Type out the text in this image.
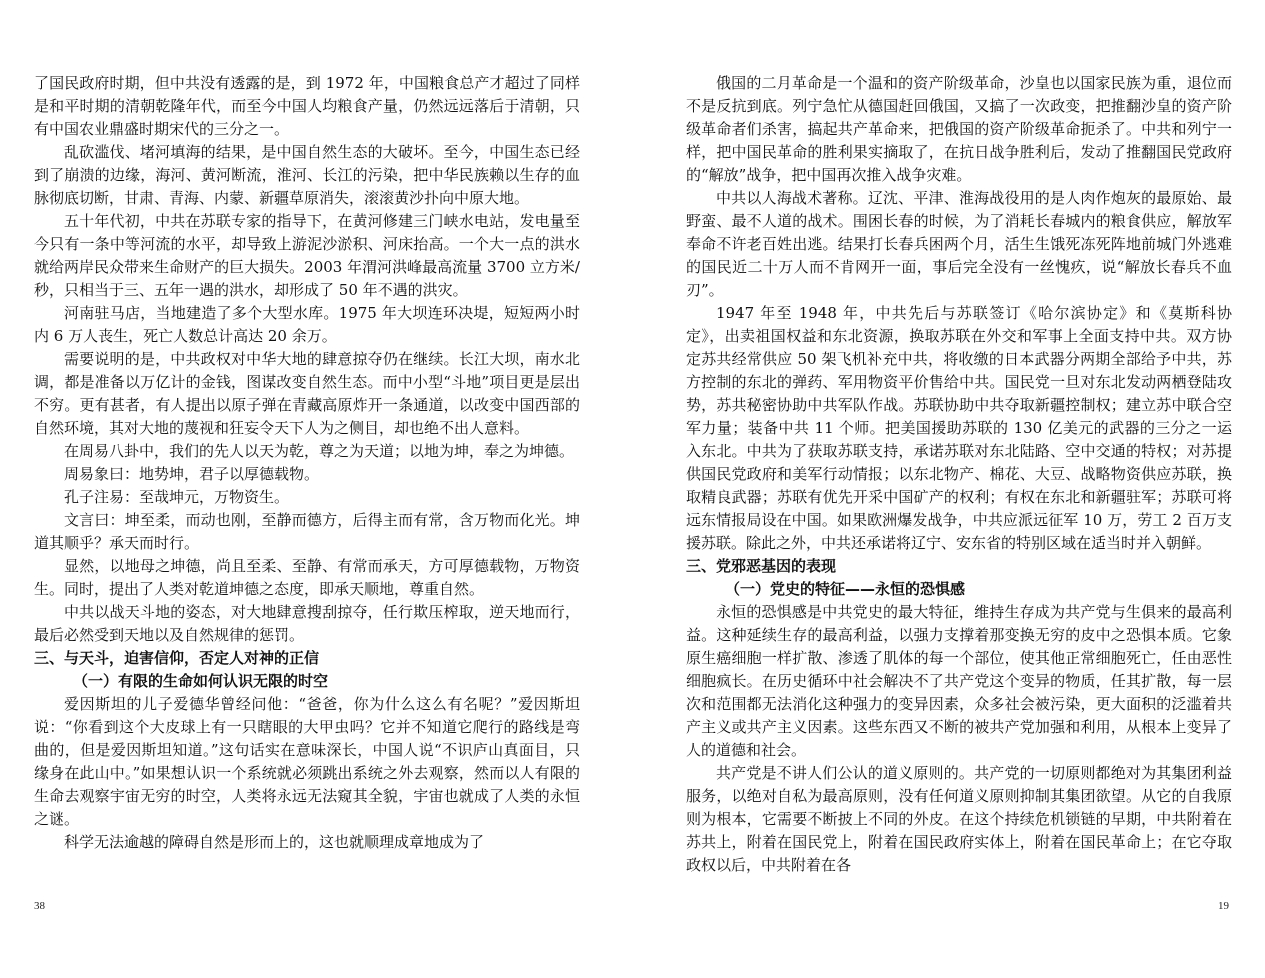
了国民政府时期，但中共没有透露的是，到 1972 年，中国粮食总产才超过了同样是和平时期的清朝乾隆年代，而至今中国人均粮食产量，仍然远远落后于清朝，只有中国农业鼎盛时期宋代的三分之一。

乱砍滥伐、堵河填海的结果，是中国自然生态的大破坏。至今，中国生态已经到了崩溃的边缘，海河、黄河断流，淮河、长江的污染，把中华民族赖以生存的血脉彻底切断，甘肃、青海、内蒙、新疆草原消失，滚滚黄沙扑向中原大地。

五十年代初，中共在苏联专家的指导下，在黄河修建三门峡水电站，发电量至今只有一条中等河流的水平，却导致上游泥沙淤积、河床抬高。一个大一点的洪水就给两岸民众带来生命财产的巨大损失。2003 年渭河洪峰最高流量 3700 立方米/秒，只相当于三、五年一遇的洪水，却形成了 50 年不遇的洪灾。

河南驻马店，当地建造了多个大型水库。1975 年大坝连环决堤，短短两小时内 6 万人丧生，死亡人数总计高达 20 余万。

需要说明的是，中共政权对中华大地的肆意掠夺仍在继续。长江大坝，南水北调，都是准备以万亿计的金钱，图谋改变自然生态。而中小型“斗地”项目更是层出不穷。更有甚者，有人提出以原子弹在青藏高原炸开一条通道，以改变中国西部的自然环境，其对大地的蔑视和狂妄令天下人为之侧目，却也绝不出人意料。

在周易八卦中，我们的先人以天为乾，尊之为天道；以地为坤，奉之为坤德。

周易象曰：地势坤，君子以厚德载物。

孔子注易：至哉坤元，万物资生。

文言曰：坤至柔，而动也刚，至静而德方，后得主而有常，含万物而化光。坤道其顺乎？承天而时行。

显然，以地母之坤德，尚且至柔、至静、有常而承天，方可厚德载物，万物资生。同时，提出了人类对乾道坤德之态度，即承天顺地，尊重自然。

中共以战天斗地的姿态，对大地肆意搜刮掠夺，任行欺压榨取，逆天地而行，最后必然受到天地以及自然规律的惩罚。

三、与天斗，迫害信仰，否定人对神的正信
（一）有限的生命如何认识无限的时空

爱因斯坦的儿子爱德华曾经问他：“爸爸，你为什么这么有名呢？”爱因斯坦说：“你看到这个大皮球上有一只瞎眼的大甲虫吗？它并不知道它爬行的路线是弯曲的，但是爱因斯坦知道。”这句话实在意味深长，中国人说“不识庐山真面目，只缘身在此山中。”如果想认识一个系统就必须跳出系统之外去观察，然而以人有限的生命去观察宇宙无穷的时空，人类将永远无法窥其全貌，宇宙也就成了人类的永恒之谜。

科学无法逾越的障碍自然是形而上的，这也就顺理成章地成为了

俄国的二月革命是一个温和的资产阶级革命，沙皇也以国家民族为重，退位而不是反抗到底。列宁急忙从德国赶回俄国，又搞了一次政变，把推翻沙皇的资产阶级革命者们杀害，搞起共产革命来，把俄国的资产阶级革命扼杀了。中共和列宁一样，把中国民革命的胜利果实摘取了，在抗日战争胜利后，发动了推翻国民党政府的“解放”战争，把中国再次推入战争灾难。

中共以人海战术著称。辽沈、平津、淮海战役用的是人肉作炮灰的最原始、最野蛮、最不人道的战术。围困长春的时候，为了消耗长春城内的粮食供应，解放军奉命不许老百姓出逃。结果打长春兵困两个月，活生生饿死冻死阵地前城门外逃难的国民近二十万人而不肯网开一面，事后完全没有一丝愧疚，说“解放长春兵不血刃”。

1947 年至 1948 年，中共先后与苏联签订《哈尔滨协定》和《莫斯科协定》，出卖祖国权益和东北资源，换取苏联在外交和军事上全面支持中共。双方协定苏共经常供应 50 架飞机补充中共，将收缴的日本武器分两期全部给予中共，苏方控制的东北的弹药、军用物资平价售给中共。国民党一旦对东北发动两栖登陆攻势，苏共秘密协助中共军队作战。苏联协助中共夺取新疆控制权；建立苏中联合空军力量；装备中共 11 个师。把美国援助苏联的 130 亿美元的武器的三分之一运入东北。中共为了获取苏联支持，承诺苏联对东北陆路、空中交通的特权；对苏提供国民党政府和美军行动情报；以东北物产、棉花、大豆、战略物资供应苏联，换取精良武器；苏联有优先开采中国矿产的权利；有权在东北和新疆驻军；苏联可将远东情报局设在中国。如果欧洲爆发战争，中共应派远征军 10 万，劳工 2 百万支援苏联。除此之外，中共还承诺将辽宁、安东省的特别区域在适当时并入朝鲜。

三、党邪恶基因的表现
（一）党史的特征——永恒的恐惧感

永恒的恐惧感是中共党史的最大特征，维持生存成为共产党与生俱来的最高利益。这种延续生存的最高利益，以强力支撑着那变换无穷的皮中之恐惧本质。它象原生癌细胞一样扩散、渗透了肌体的每一个部位，使其他正常细胞死亡，任由恶性细胞疯长。在历史循环中社会解决不了共产党这个变异的物质，任其扩散，每一层次和范围都无法消化这种强力的变异因素，众多社会被污染，更大面积的泛滥着共产主义或共产主义因素。这些东西又不断的被共产党加强和利用，从根本上变异了人的道德和社会。

共产党是不讲人们公认的道义原则的。共产党的一切原则都绝对为其集团利益服务，以绝对自私为最高原则，没有任何道义原则抑制其集团欲望。从它的自我原则为根本，它需要不断披上不同的外皮。在这个持续危机锁链的早期，中共附着在苏共上，附着在国民党上，附着在国民政府实体上，附着在国民革命上；在它夺取政权以后，中共附着在各

38	19
